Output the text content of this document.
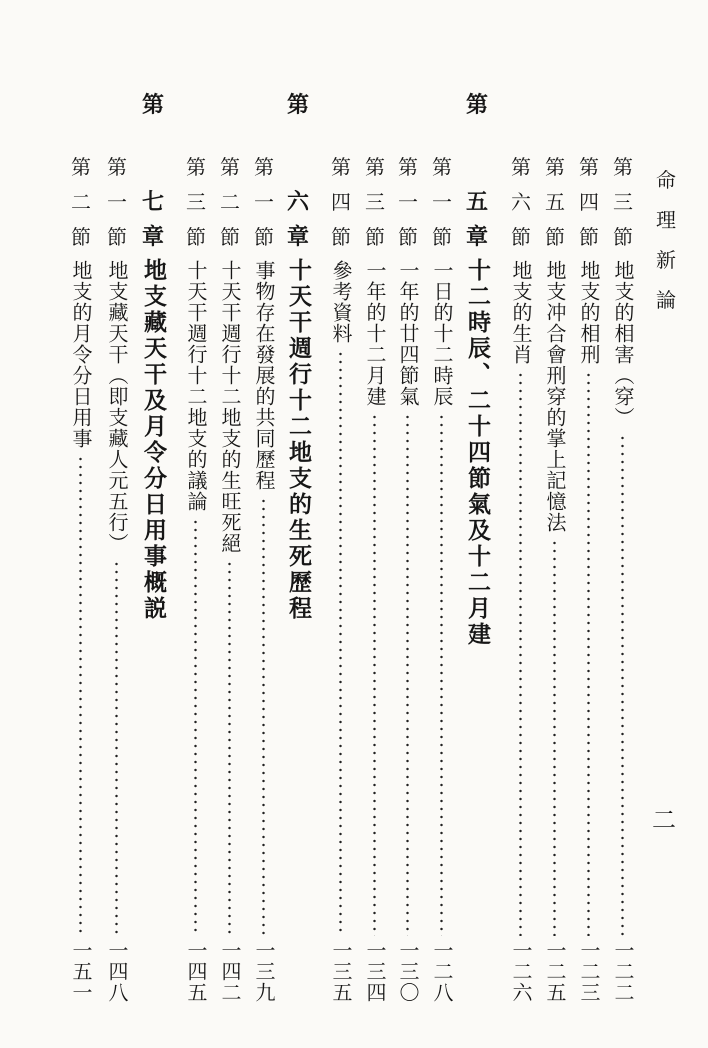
命
理
新
論
二
第
三
節
地支的相害（穿）
一二二
第
四
節
地支的相刑
一二三
第
五
節
地支冲合會刑穿的掌上記憶法
一二五
第
六
節
地支的生肖
一二六
第
五
章
十二時辰、二十四節氣及十二月建
第
一
節
一日的十二時辰
一二八
第
一
節
一年的廿四節氣
一三〇
第
三
節
一年的十二月建
一三四
第
四
節
參考資料
一三五
第
六
章
十天干週行十二地支的生死歷程
第
一
節
事物存在發展的共同歷程
一三九
第
二
節
十天干週行十二地支的生旺死絕
一四二
第
三
節
十天干週行十二地支的議論
一四五
第
七
章
地支藏天干及月令分日用事概説
第
一
節
地支藏天干（即支藏人元五行）
一四八
第
二
節
地支的月令分日用事
一五一
